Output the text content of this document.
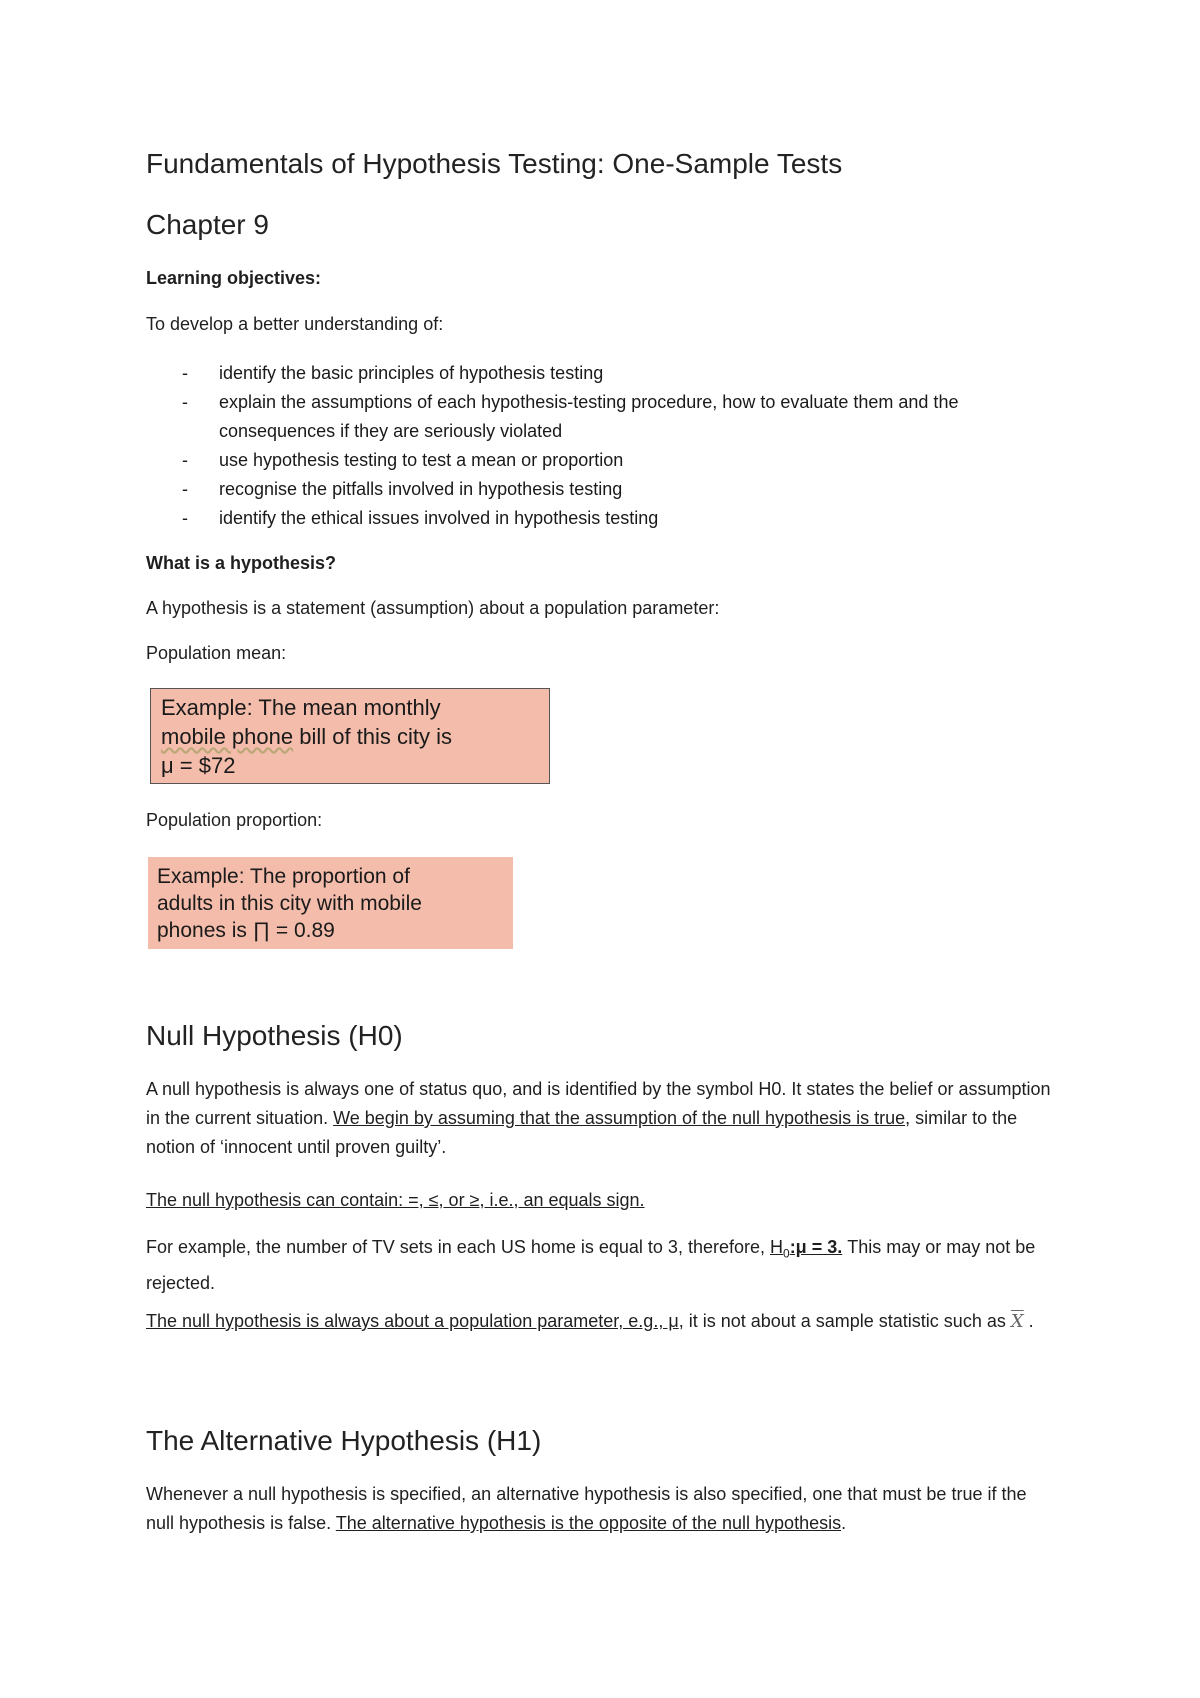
Fundamentals of Hypothesis Testing: One-Sample Tests
Chapter 9
Learning objectives:
To develop a better understanding of:
- identify the basic principles of hypothesis testing
- explain the assumptions of each hypothesis-testing procedure, how to evaluate them and the consequences if they are seriously violated
- use hypothesis testing to test a mean or proportion
- recognise the pitfalls involved in hypothesis testing
- identify the ethical issues involved in hypothesis testing
What is a hypothesis?
A hypothesis is a statement (assumption) about a population parameter:
Population mean:
Example: The mean monthly
mobile phone bill of this city is
μ = $72
Population proportion:
Example: The proportion of
adults in this city with mobile
phones is ∏ = 0.89
Null Hypothesis (H0)
A null hypothesis is always one of status quo, and is identified by the symbol H0. It states the belief or assumption in the current situation. We begin by assuming that the assumption of the null hypothesis is true, similar to the notion of ‘innocent until proven guilty’.
The null hypothesis can contain: =, ≤, or ≥, i.e., an equals sign.
For example, the number of TV sets in each US home is equal to 3, therefore, $H_0:\mu = 3$. This may or may not be rejected.
The null hypothesis is always about a population parameter, e.g., μ, it is not about a sample statistic such as $\overline{X}$ .
The Alternative Hypothesis (H1)
Whenever a null hypothesis is specified, an alternative hypothesis is also specified, one that must be true if the null hypothesis is false. The alternative hypothesis is the opposite of the null hypothesis.
